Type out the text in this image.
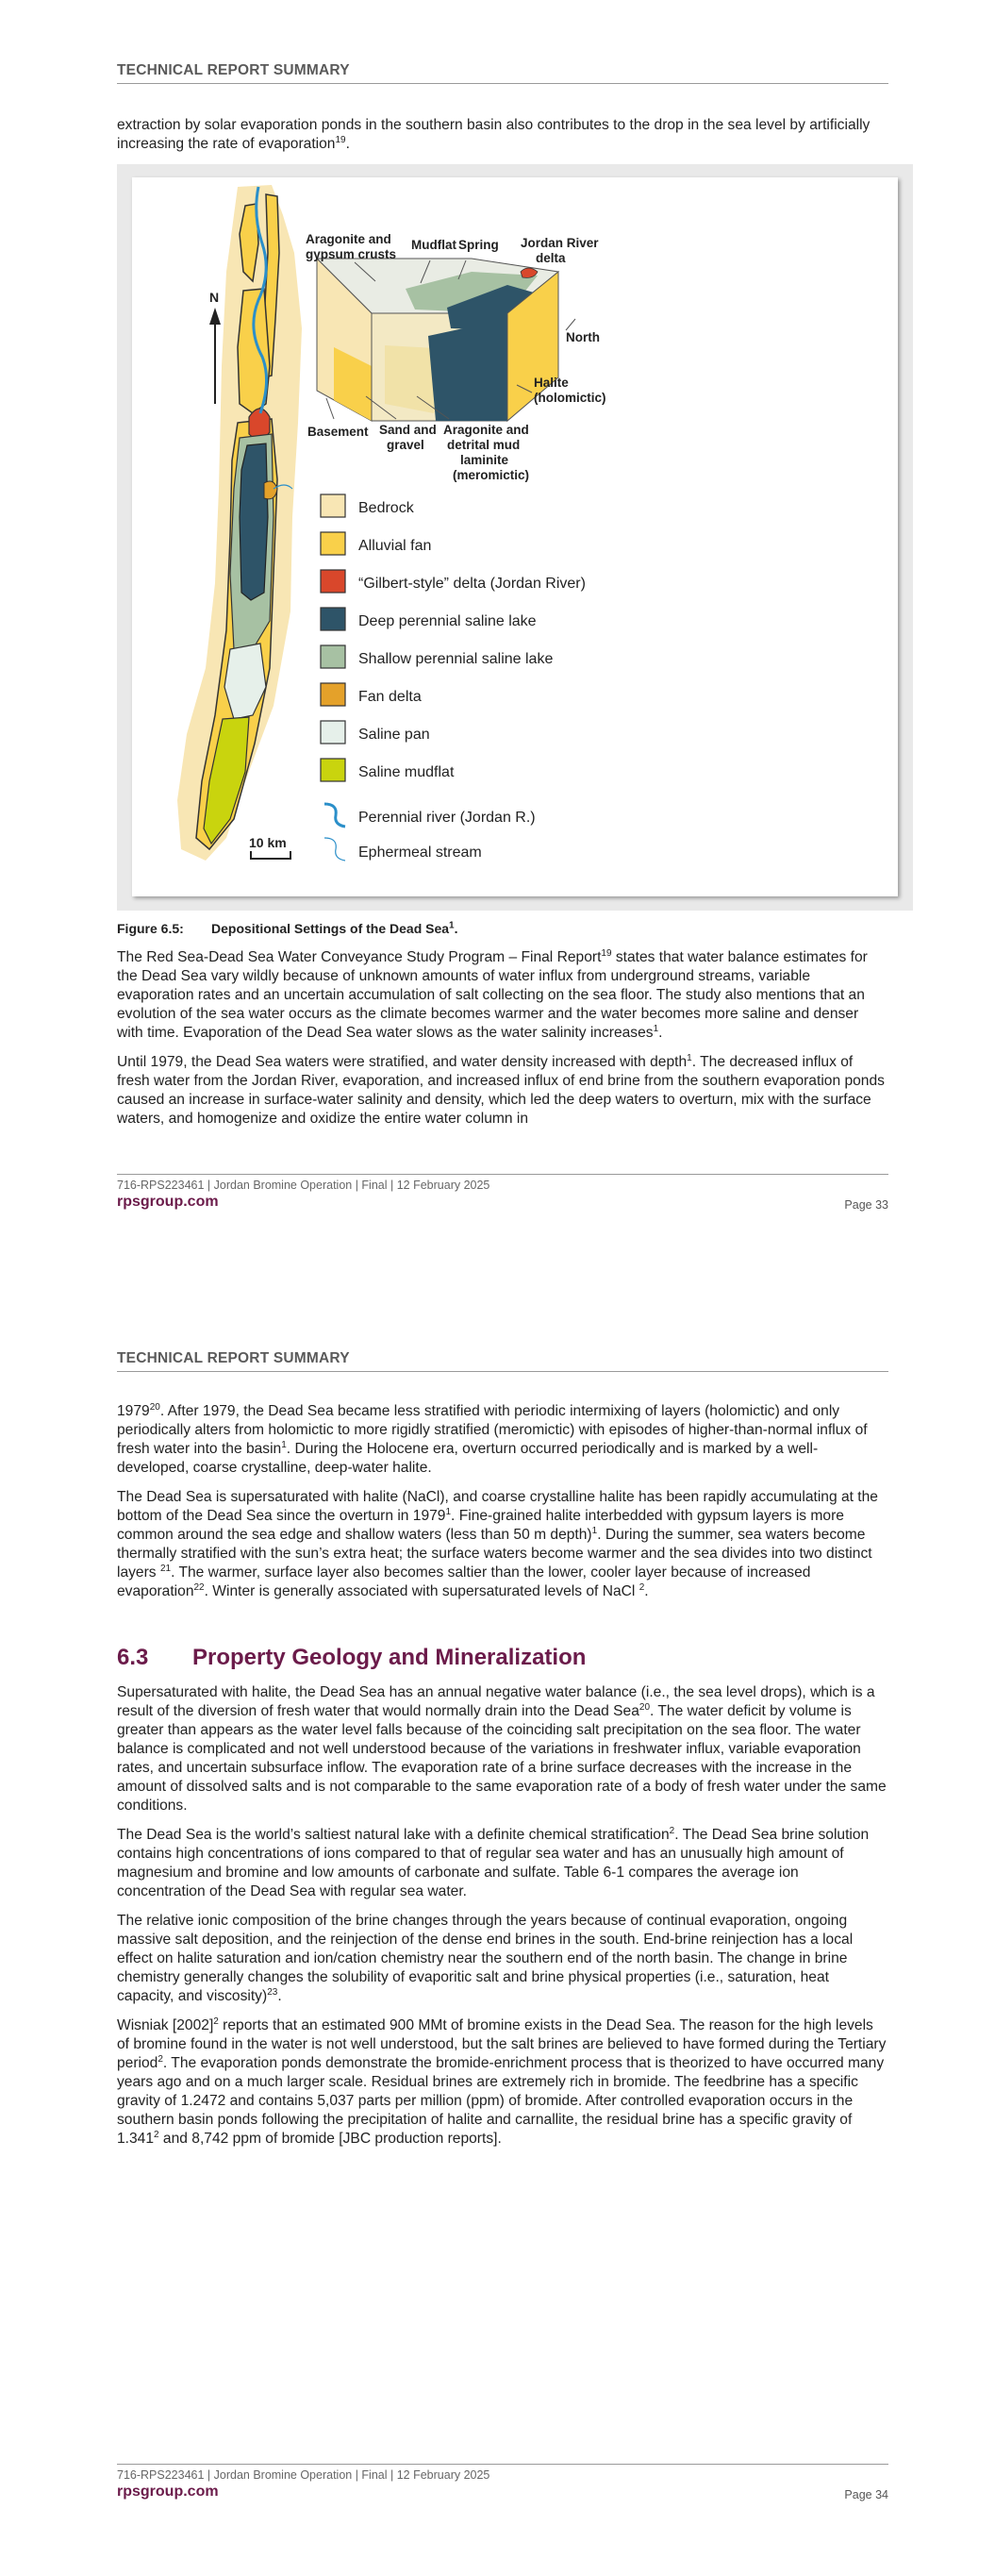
TECHNICAL REPORT SUMMARY

extraction by solar evaporation ponds in the southern basin also contributes to the drop in the sea level by artificially increasing the rate of evaporation$^{19}$.

N
10 km
Aragonite and gypsum crusts
Mudflat Spring Jordan River delta
North
Halite (holomictic)
Basement Sand and gravel
Aragonite and detrital mud laminite (meromictic)
Bedrock
Alluvial fan
“Gilbert-style” delta (Jordan River)
Deep perennial saline lake
Shallow perennial saline lake
Fan delta
Saline pan
Saline mudflat
Perennial river (Jordan R.)
Ephermeal stream
Figure 6.5: Depositional Settings of the Dead Sea$^1$.

The Red Sea-Dead Sea Water Conveyance Study Program – Final Report$^{19}$ states that water balance estimates for the Dead Sea vary wildly because of unknown amounts of water influx from underground streams, variable evaporation rates and an uncertain accumulation of salt collecting on the sea floor. The study also mentions that an evolution of the sea water occurs as the climate becomes warmer and the water becomes more saline and denser with time. Evaporation of the Dead Sea water slows as the water salinity increases$^1$.

Until 1979, the Dead Sea waters were stratified, and water density increased with depth$^1$. The decreased influx of fresh water from the Jordan River, evaporation, and increased influx of end brine from the southern evaporation ponds caused an increase in surface-water salinity and density, which led the deep waters to overturn, mix with the surface waters, and homogenize and oxidize the entire water column in

716-RPS223461 | Jordan Bromine Operation | Final | 12 February 2025
rpsgroup.com	Page 33
TECHNICAL REPORT SUMMARY

1979$^{20}$. After 1979, the Dead Sea became less stratified with periodic intermixing of layers (holomictic) and only periodically alters from holomictic to more rigidly stratified (meromictic) with episodes of higher-than-normal influx of fresh water into the basin$^1$. During the Holocene era, overturn occurred periodically and is marked by a well-developed, coarse crystalline, deep-water halite.

The Dead Sea is supersaturated with halite (NaCl), and coarse crystalline halite has been rapidly accumulating at the bottom of the Dead Sea since the overturn in 1979$^1$. Fine-grained halite interbedded with gypsum layers is more common around the sea edge and shallow waters (less than 50 m depth)$^1$. During the summer, sea waters become thermally stratified with the sun’s extra heat; the surface waters become warmer and the sea divides into two distinct layers $^{21}$. The warmer, surface layer also becomes saltier than the lower, cooler layer because of increased evaporation$^{22}$. Winter is generally associated with supersaturated levels of NaCl $^2$.

6.3 Property Geology and Mineralization

Supersaturated with halite, the Dead Sea has an annual negative water balance (i.e., the sea level drops), which is a result of the diversion of fresh water that would normally drain into the Dead Sea$^{20}$. The water deficit by volume is greater than appears as the water level falls because of the coinciding salt precipitation on the sea floor. The water balance is complicated and not well understood because of the variations in freshwater influx, variable evaporation rates, and uncertain subsurface inflow. The evaporation rate of a brine surface decreases with the increase in the amount of dissolved salts and is not comparable to the same evaporation rate of a body of fresh water under the same conditions.

The Dead Sea is the world’s saltiest natural lake with a definite chemical stratification$^2$. The Dead Sea brine solution contains high concentrations of ions compared to that of regular sea water and has an unusually high amount of magnesium and bromine and low amounts of carbonate and sulfate. Table 6-1 compares the average ion concentration of the Dead Sea with regular sea water.

The relative ionic composition of the brine changes through the years because of continual evaporation, ongoing massive salt deposition, and the reinjection of the dense end brines in the south. End-brine reinjection has a local effect on halite saturation and ion/cation chemistry near the southern end of the north basin. The change in brine chemistry generally changes the solubility of evaporitic salt and brine physical properties (i.e., saturation, heat capacity, and viscosity)$^{23}$.

Wisniak $[2002]^2$ reports that an estimated 900 MMt of bromine exists in the Dead Sea. The reason for the high levels of bromine found in the water is not well understood, but the salt brines are believed to have formed during the Tertiary period$^2$. The evaporation ponds demonstrate the bromide-enrichment process that is theorized to have occurred many years ago and on a much larger scale. Residual brines are extremely rich in bromide. The feedbrine has a specific gravity of 1.2472 and contains 5,037 parts per million (ppm) of bromide. After controlled evaporation occurs in the southern basin ponds following the precipitation of halite and carnallite, the residual brine has a specific gravity of 1.341$^2$ and 8,742 ppm of bromide [JBC production reports].

716-RPS223461 | Jordan Bromine Operation | Final | 12 February 2025
rpsgroup.com	Page 34
